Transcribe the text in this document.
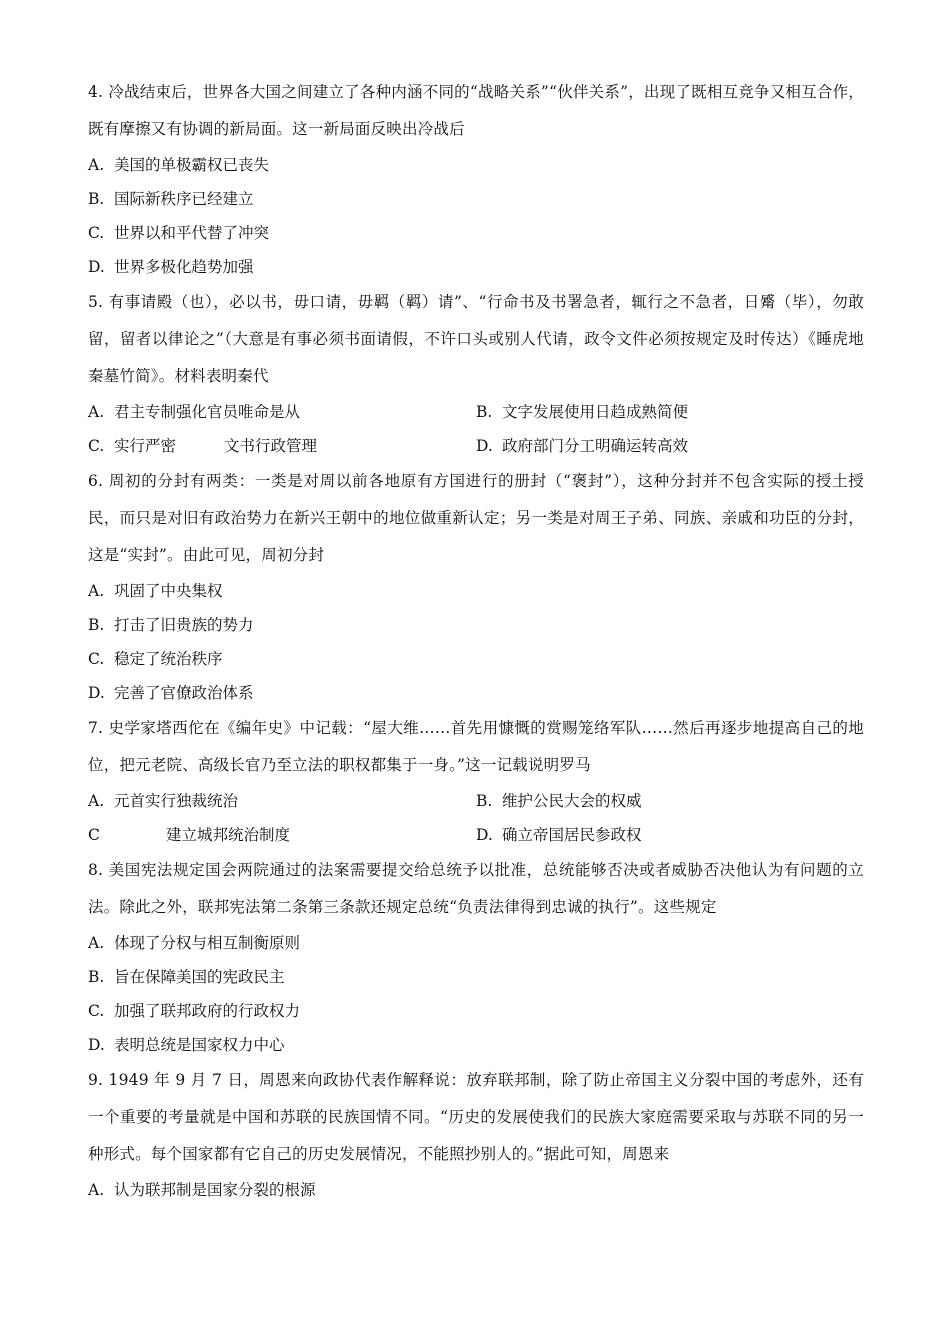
4. 冷战结束后，世界各大国之间建立了各种内涵不同的“战略关系”“伙伴关系”，出现了既相互竞争又相互合作，既有摩擦又有协调的新局面。这一新局面反映出冷战后

A. 美国的单极霸权已丧失

B. 国际新秩序已经建立

C. 世界以和平代替了冲突

D. 世界多极化趋势加强

5. 有事请殿（也），必以书，毋口请，毋羁（羁）请”、“行命书及书署急者，辄行之不急者，日觱（毕），勿敢留，留者以律论之”（大意是有事必须书面请假，不许口头或别人代请，政令文件必须按规定及时传达）《睡虎地秦墓竹简》。材料表明秦代

A. 君主专制强化官员唯命是从	B. 文字发展使用日趋成熟简便

C. 实行严密	文书行政管理	D. 政府部门分工明确运转高效

6. 周初的分封有两类：一类是对周以前各地原有方国进行的册封（“褒封”），这种分封并不包含实际的授土授民，而只是对旧有政治势力在新兴王朝中的地位做重新认定；另一类是对周王子弟、同族、亲戚和功臣的分封，这是“实封”。由此可见，周初分封

A. 巩固了中央集权

B. 打击了旧贵族的势力

C. 稳定了统治秩序

D. 完善了官僚政治体系

7. 史学家塔西佗在《编年史》中记载：“屋大维……首先用慷慨的赏赐笼络军队……然后再逐步地提高自己的地位，把元老院、高级长官乃至立法的职权都集于一身。”这一记载说明罗马

A. 元首实行独裁统治	B. 维护公民大会的权威

C	建立城邦统治制度	D. 确立帝国居民参政权

8. 美国宪法规定国会两院通过的法案需要提交给总统予以批准，总统能够否决或者威胁否决他认为有问题的立法。除此之外，联邦宪法第二条第三条款还规定总统“负责法律得到忠诚的执行”。这些规定

A. 体现了分权与相互制衡原则

B. 旨在保障美国的宪政民主

C. 加强了联邦政府的行政权力

D. 表明总统是国家权力中心

9. 1949 年 9 月 7 日，周恩来向政协代表作解释说：放弃联邦制，除了防止帝国主义分裂中国的考虑外，还有一个重要的考量就是中国和苏联的民族国情不同。“历史的发展使我们的民族大家庭需要采取与苏联不同的另一种形式。每个国家都有它自己的历史发展情况，不能照抄别人的。”据此可知，周恩来

A. 认为联邦制是国家分裂的根源
